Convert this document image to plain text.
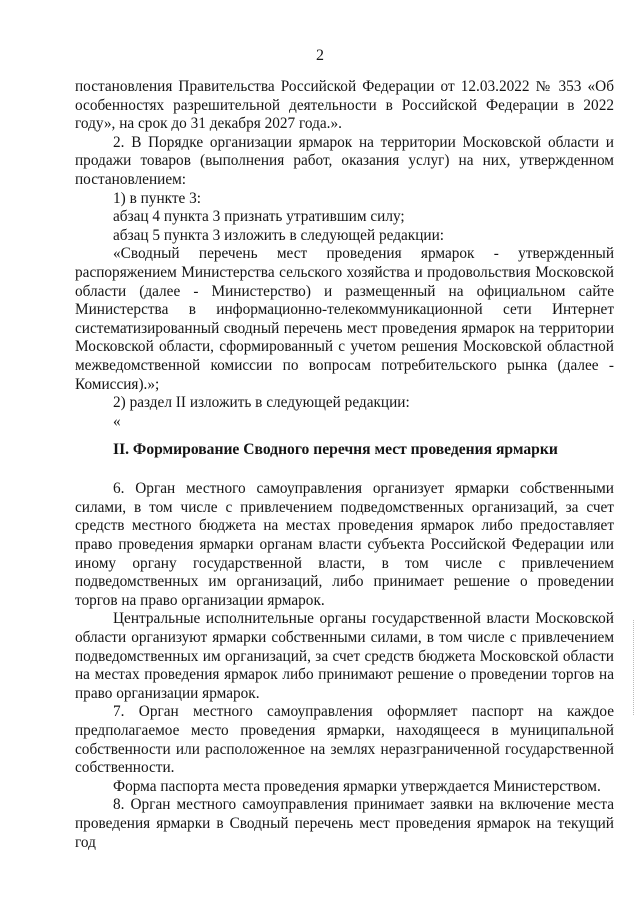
2

постановления Правительства Российской Федерации от 12.03.2022 № 353 «Об особенностях разрешительной деятельности в Российской Федерации в 2022 году», на срок до 31 декабря 2027 года.».

2. В Порядке организации ярмарок на территории Московской области и продажи товаров (выполнения работ, оказания услуг) на них, утвержденном постановлением:

1) в пункте 3:

абзац 4 пункта 3 признать утратившим силу;

абзац 5 пункта 3 изложить в следующей редакции:

«Сводный перечень мест проведения ярмарок - утвержденный распоряжением Министерства сельского хозяйства и продовольствия Московской области (далее - Министерство) и размещенный на официальном сайте Министерства в информационно-телекоммуникационной сети Интернет систематизированный сводный перечень мест проведения ярмарок на территории Московской области, сформированный с учетом решения Московской областной межведомственной комиссии по вопросам потребительского рынка (далее - Комиссия).»;

2) раздел II изложить в следующей редакции:

«

II. Формирование Сводного перечня мест проведения ярмарки

6. Орган местного самоуправления организует ярмарки собственными силами, в том числе с привлечением подведомственных организаций, за счет средств местного бюджета на местах проведения ярмарок либо предоставляет право проведения ярмарки органам власти субъекта Российской Федерации или иному органу государственной власти, в том числе с привлечением подведомственных им организаций, либо принимает решение о проведении торгов на право организации ярмарок.

Центральные исполнительные органы государственной власти Московской области организуют ярмарки собственными силами, в том числе с привлечением подведомственных им организаций, за счет средств бюджета Московской области на местах проведения ярмарок либо принимают решение о проведении торгов на право организации ярмарок.

7. Орган местного самоуправления оформляет паспорт на каждое предполагаемое место проведения ярмарки, находящееся в муниципальной собственности или расположенное на землях неразграниченной государственной собственности.

Форма паспорта места проведения ярмарки утверждается Министерством.

8. Орган местного самоуправления принимает заявки на включение места проведения ярмарки в Сводный перечень мест проведения ярмарок на текущий год
